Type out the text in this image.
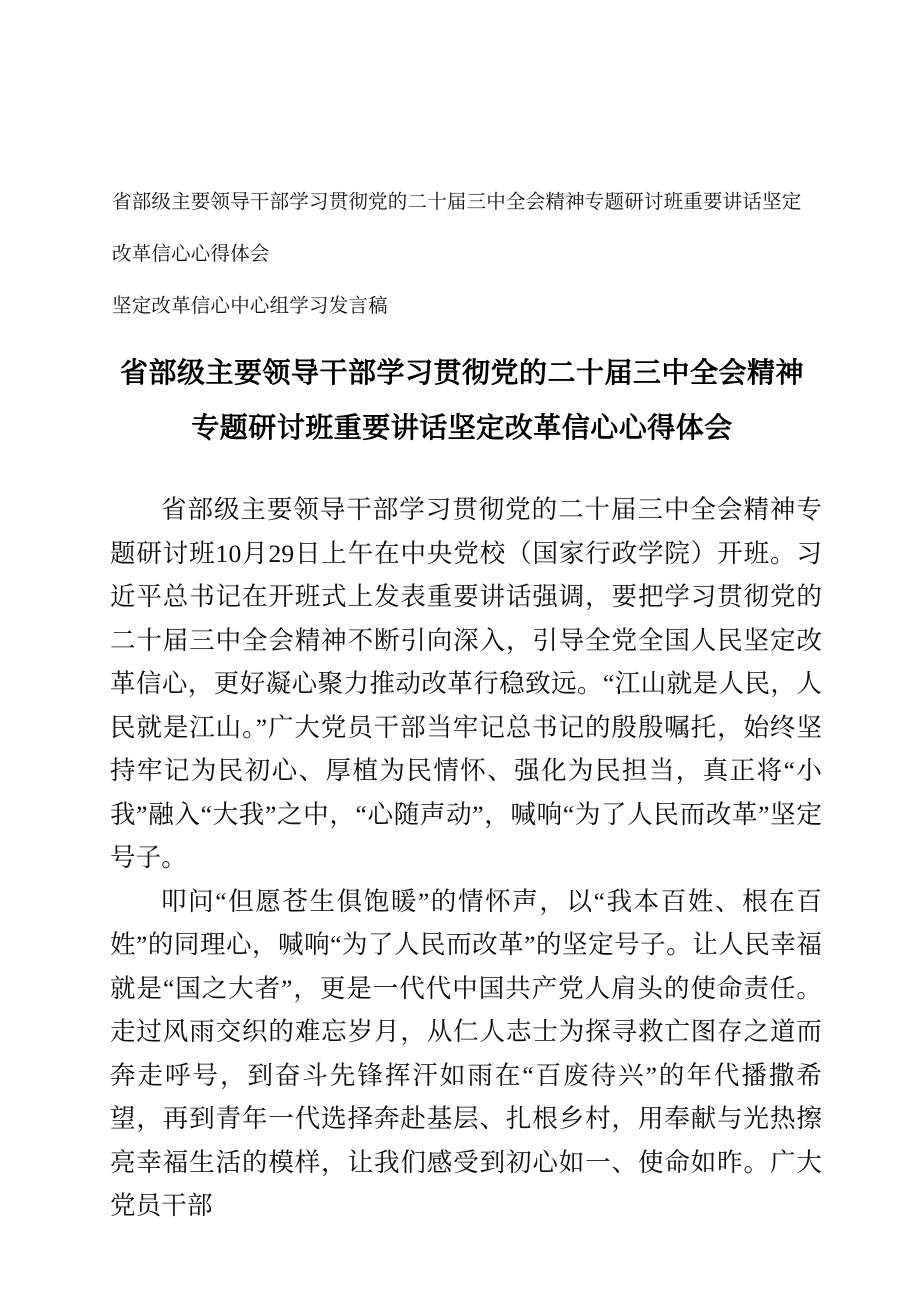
省部级主要领导干部学习贯彻党的二十届三中全会精神专题研讨班重要讲话坚定改革信心心得体会
坚定改革信心中心组学习发言稿
省部级主要领导干部学习贯彻党的二十届三中全会精神专题研讨班重要讲话坚定改革信心心得体会

省部级主要领导干部学习贯彻党的二十届三中全会精神专题研讨班10月29日上午在中央党校（国家行政学院）开班。习近平总书记在开班式上发表重要讲话强调，要把学习贯彻党的二十届三中全会精神不断引向深入，引导全党全国人民坚定改革信心，更好凝心聚力推动改革行稳致远。“江山就是人民，人民就是江山。”广大党员干部当牢记总书记的殷殷嘱托，始终坚持牢记为民初心、厚植为民情怀、强化为民担当，真正将“小我”融入“大我”之中，“心随声动”，喊响“为了人民而改革”坚定号子。

叩问“但愿苍生俱饱暖”的情怀声，以“我本百姓、根在百姓”的同理心，喊响“为了人民而改革”的坚定号子。让人民幸福就是“国之大者”，更是一代代中国共产党人肩头的使命责任。走过风雨交织的难忘岁月，从仁人志士为探寻救亡图存之道而奔走呼号，到奋斗先锋挥汗如雨在“百废待兴”的年代播撒希望，再到青年一代选择奔赴基层、扎根乡村，用奉献与光热擦亮幸福生活的模样，让我们感受到初心如一、使命如昨。广大党员干部
